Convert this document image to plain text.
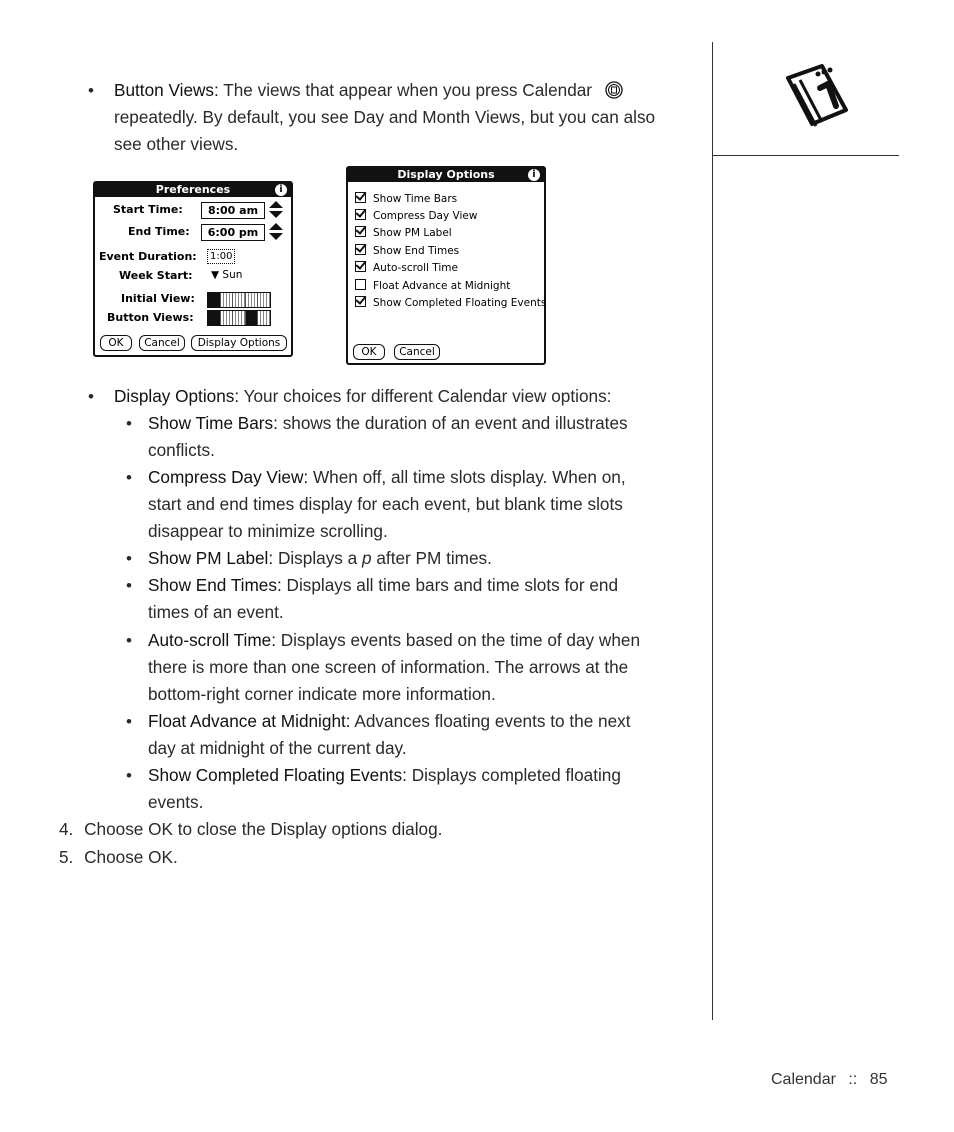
• Button Views: The views that appear when you press Calendar
repeatedly. By default, you see Day and Month Views, but you can also
see other views.
Preferences	i
Start Time:	8:00 am
End Time:	6:00 pm
Event Duration:	1:00
Week Start: ▼ Sun
Initial View:
Button Views:
OK	Cancel	Display Options
Display Options	i
Show Time Bars
Compress Day View
Show PM Label
Show End Times
Auto-scroll Time
Float Advance at Midnight
Show Completed Floating Events
OK	Cancel
• Display Options: Your choices for different Calendar view options:
• Show Time Bars: shows the duration of an event and illustrates
conflicts.
• Compress Day View: When off, all time slots display. When on,
start and end times display for each event, but blank time slots
disappear to minimize scrolling.
• Show PM Label: Displays a p after PM times.
• Show End Times: Displays all time bars and time slots for end
times of an event.
• Auto-scroll Time: Displays events based on the time of day when
there is more than one screen of information. The arrows at the
bottom-right corner indicate more information.
• Float Advance at Midnight: Advances floating events to the next
day at midnight of the current day.
• Show Completed Floating Events: Displays completed floating
events.
4. Choose OK to close the Display options dialog.
5. Choose OK.
Calendar :: 85
